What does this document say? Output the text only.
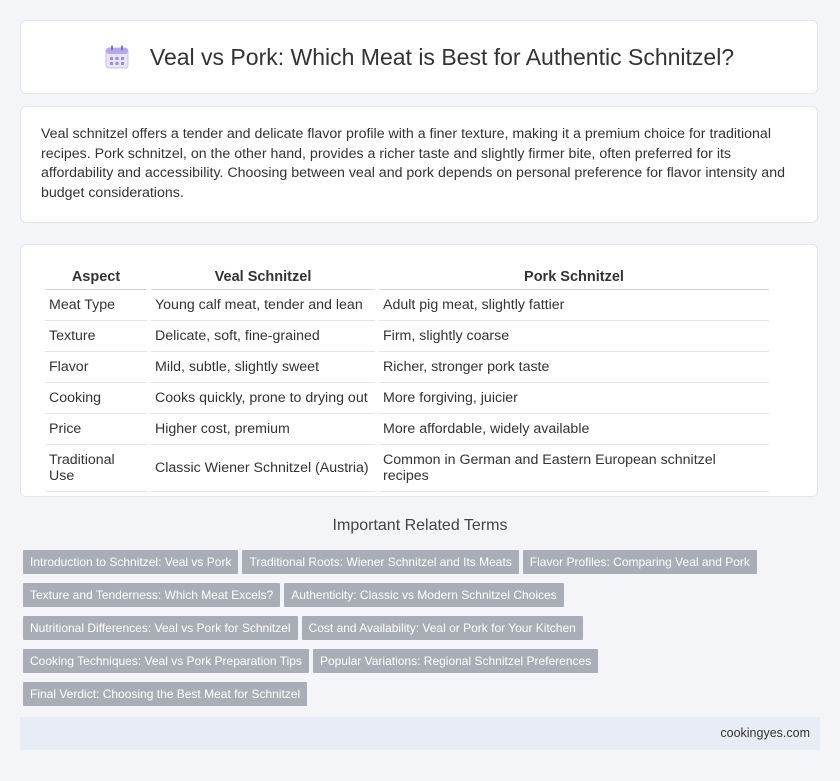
Veal vs Pork: Which Meat is Best for Authentic Schnitzel?

Veal schnitzel offers a tender and delicate flavor profile with a finer texture, making it a premium choice for traditional recipes. Pork schnitzel, on the other hand, provides a richer taste and slightly firmer bite, often preferred for its affordability and accessibility. Choosing between veal and pork depends on personal preference for flavor intensity and budget considerations.

Aspect	Veal Schnitzel	Pork Schnitzel
Meat Type	Young calf meat, tender and lean	Adult pig meat, slightly fattier
Texture	Delicate, soft, fine-grained	Firm, slightly coarse
Flavor	Mild, subtle, slightly sweet	Richer, stronger pork taste
Cooking	Cooks quickly, prone to drying out	More forgiving, juicier
Price	Higher cost, premium	More affordable, widely available
Traditional Use	Classic Wiener Schnitzel (Austria)	Common in German and Eastern European schnitzel recipes
Important Related Terms
Introduction to Schnitzel: Veal vs Pork Traditional Roots: Wiener Schnitzel and Its Meats Flavor Profiles: Comparing Veal and Pork
Texture and Tenderness: Which Meat Excels? Authenticity: Classic vs Modern Schnitzel Choices
Nutritional Differences: Veal vs Pork for Schnitzel Cost and Availability: Veal or Pork for Your Kitchen
Cooking Techniques: Veal vs Pork Preparation Tips Popular Variations: Regional Schnitzel Preferences
Final Verdict: Choosing the Best Meat for Schnitzel
cookingyes.com
